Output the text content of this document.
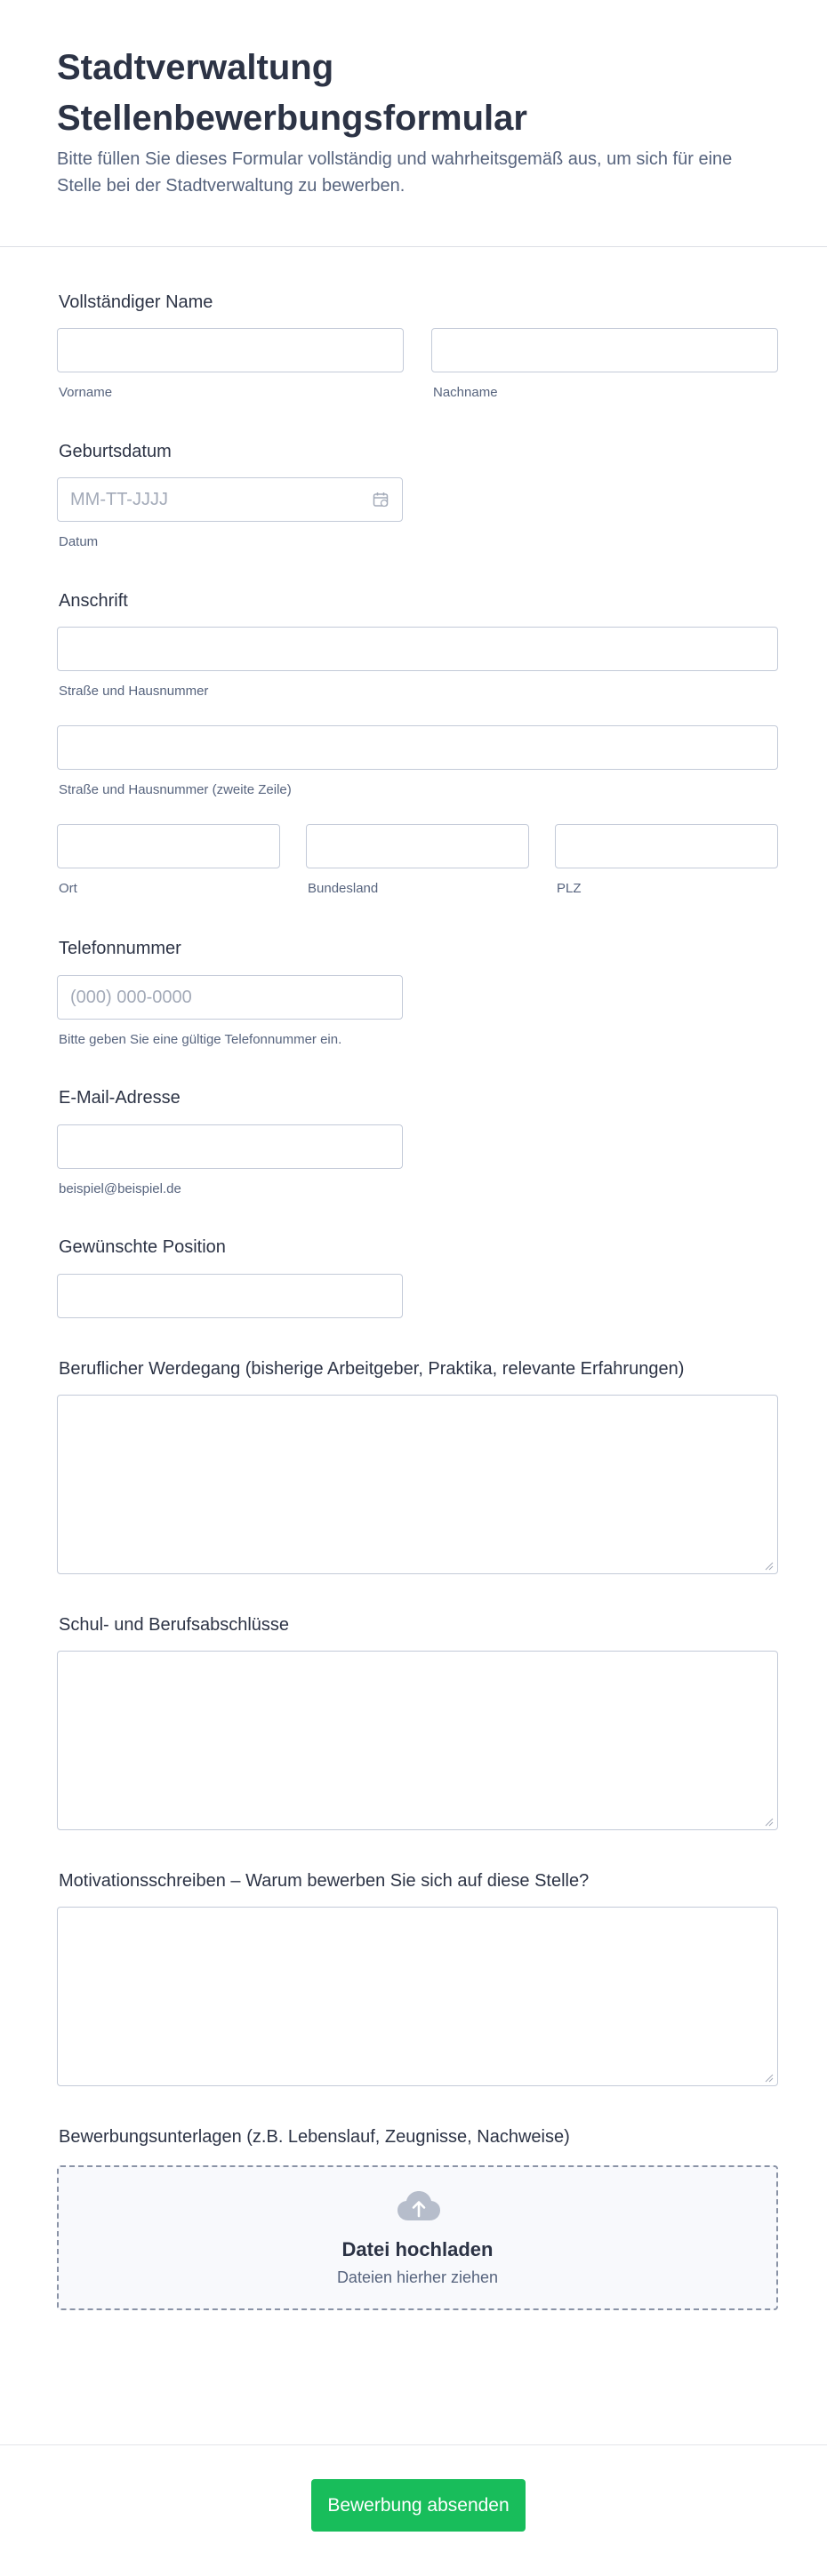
Stadtverwaltung Stellenbewerbungsformular
Bitte füllen Sie dieses Formular vollständig und wahrheitsgemäß aus, um sich für eine Stelle bei der Stadtverwaltung zu bewerben.
Vollständiger Name
Vorname	Nachname
Geburtsdatum
MM-TT-JJJJ
Datum
Anschrift
Straße und Hausnummer
Straße und Hausnummer (zweite Zeile)
Ort	Bundesland	PLZ
Telefonnummer
(000) 000-0000
Bitte geben Sie eine gültige Telefonnummer ein.
E-Mail-Adresse
beispiel@beispiel.de
Gewünschte Position
Beruflicher Werdegang (bisherige Arbeitgeber, Praktika, relevante Erfahrungen)
Schul- und Berufsabschlüsse
Motivationsschreiben – Warum bewerben Sie sich auf diese Stelle?
Bewerbungsunterlagen (z.B. Lebenslauf, Zeugnisse, Nachweise)
Datei hochladen
Dateien hierher ziehen
Bewerbung absenden
